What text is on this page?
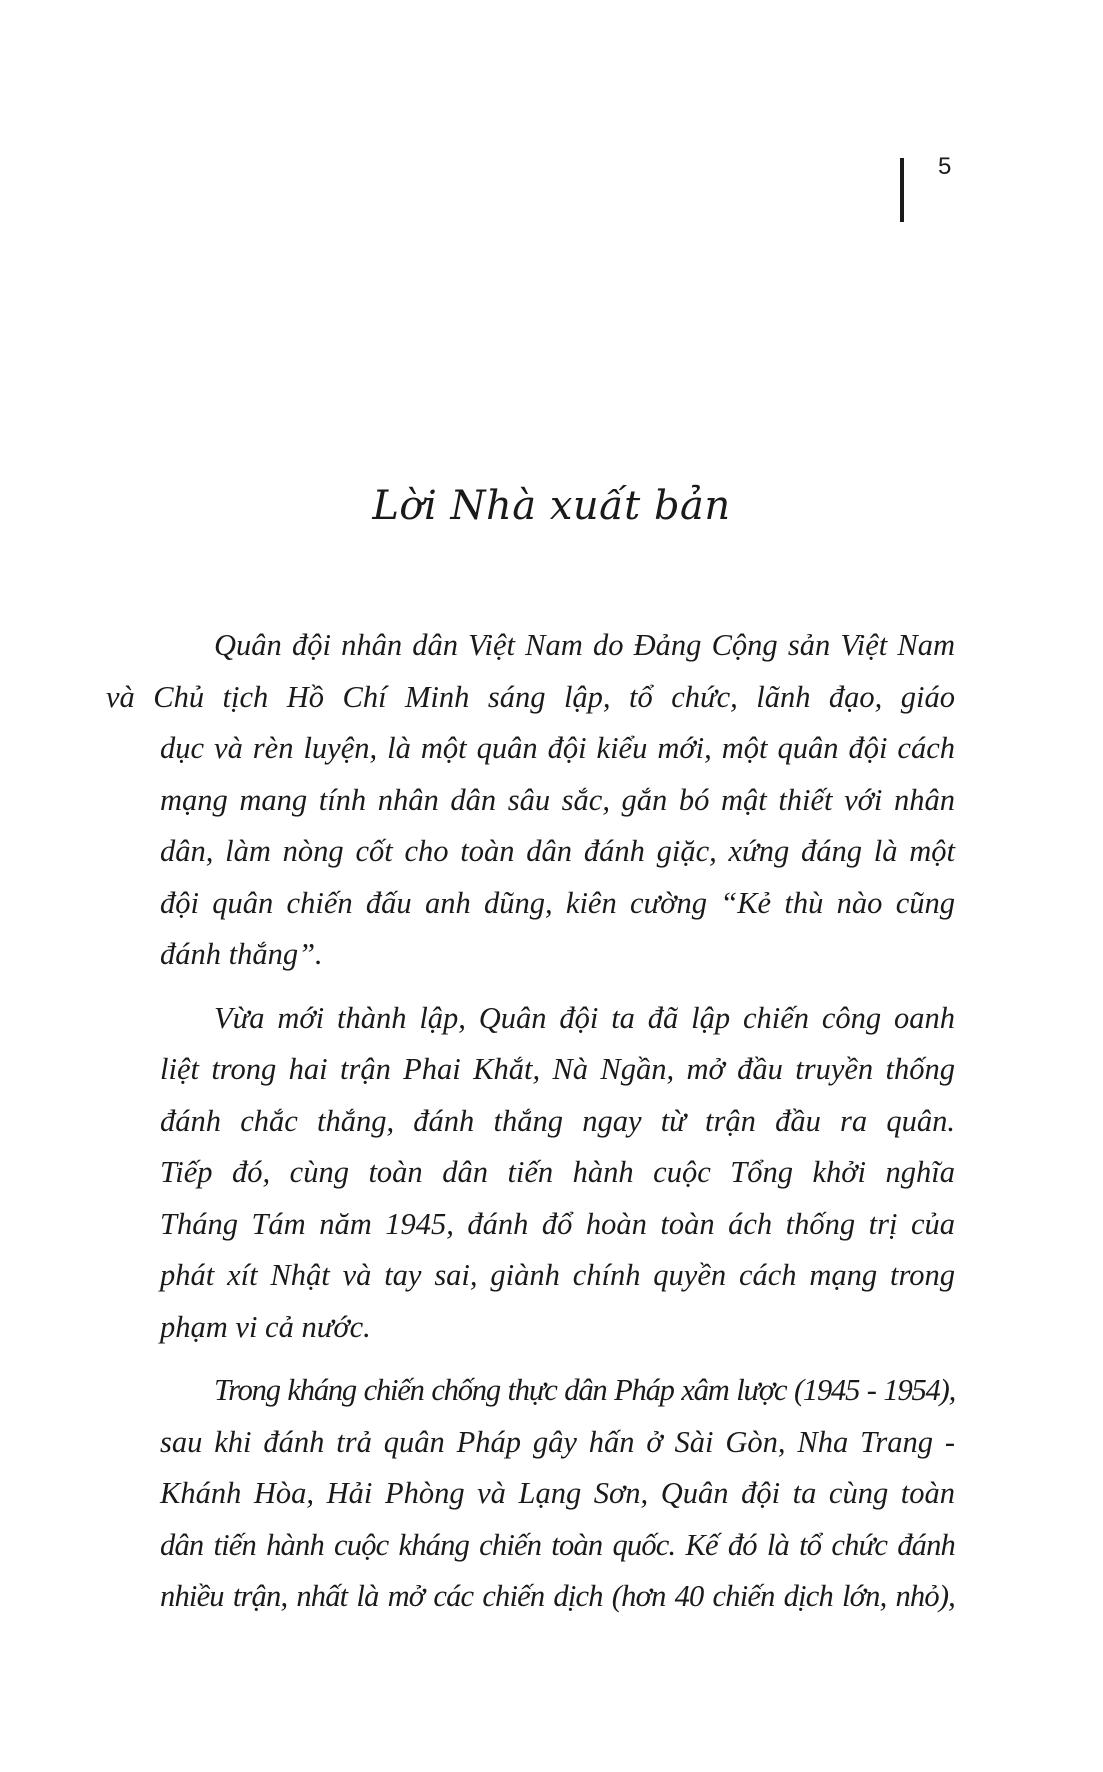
5
Lời Nhà xuất bản
Quân đội nhân dân Việt Nam do Đảng Cộng sản Việt Nam
và Chủ tịch Hồ Chí Minh sáng lập, tổ chức, lãnh đạo, giáo
dục và rèn luyện, là một quân đội kiểu mới, một quân đội cách
mạng mang tính nhân dân sâu sắc, gắn bó mật thiết với nhân
dân, làm nòng cốt cho toàn dân đánh giặc, xứng đáng là một
đội quân chiến đấu anh dũng, kiên cường “Kẻ thù nào cũng
đánh thắng”.
Vừa mới thành lập, Quân đội ta đã lập chiến công oanh
liệt trong hai trận Phai Khắt, Nà Ngần, mở đầu truyền thống
đánh chắc thắng, đánh thắng ngay từ trận đầu ra quân.
Tiếp đó, cùng toàn dân tiến hành cuộc Tổng khởi nghĩa
Tháng Tám năm 1945, đánh đổ hoàn toàn ách thống trị của
phát xít Nhật và tay sai, giành chính quyền cách mạng trong
phạm vi cả nước.
Trong kháng chiến chống thực dân Pháp xâm lược (1945 - 1954),
sau khi đánh trả quân Pháp gây hấn ở Sài Gòn, Nha Trang -
Khánh Hòa, Hải Phòng và Lạng Sơn, Quân đội ta cùng toàn
dân tiến hành cuộc kháng chiến toàn quốc. Kế đó là tổ chức đánh
nhiều trận, nhất là mở các chiến dịch (hơn 40 chiến dịch lớn, nhỏ),
